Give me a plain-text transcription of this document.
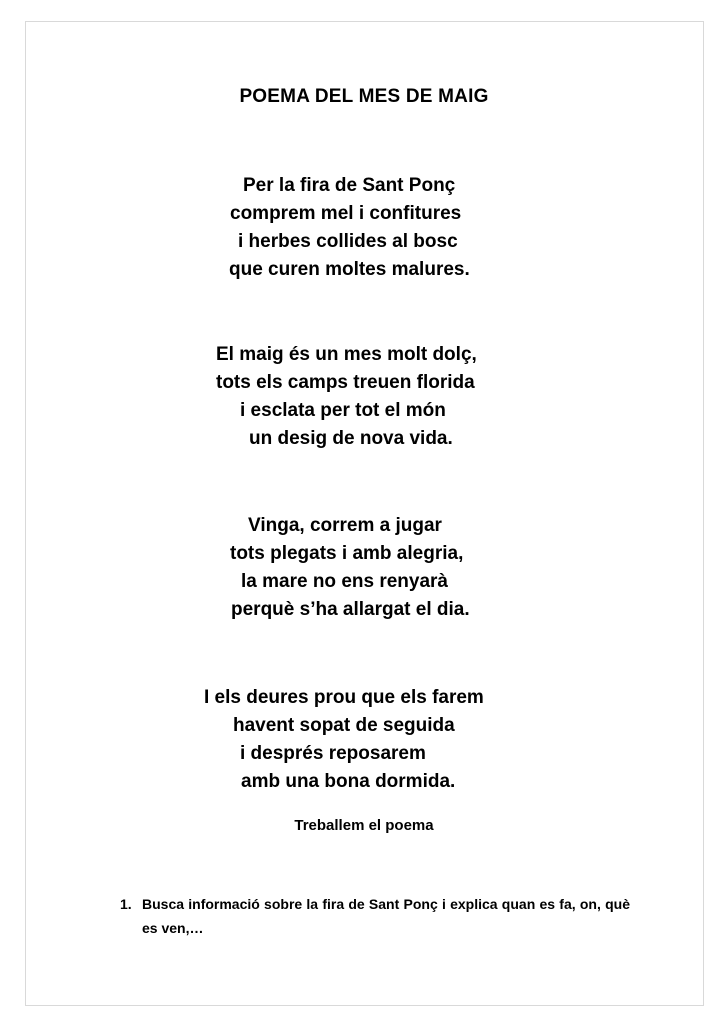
POEMA DEL MES DE MAIG
Per la fira de Sant Ponç
comprem mel i confitures
i herbes collides al bosc
que curen moltes malures.
El maig és un mes molt dolç,
tots els camps treuen florida
i esclata per tot el món
un desig de nova vida.
Vinga, correm a jugar
tots plegats i amb alegria,
la mare no ens renyarà
perquè s’ha allargat el dia.
I els deures prou que els farem
havent sopat de seguida
i després reposarem
amb una bona dormida.
Treballem el poema
1. Busca informació sobre la fira de Sant Ponç i explica quan es fa, on, què es ven,…
